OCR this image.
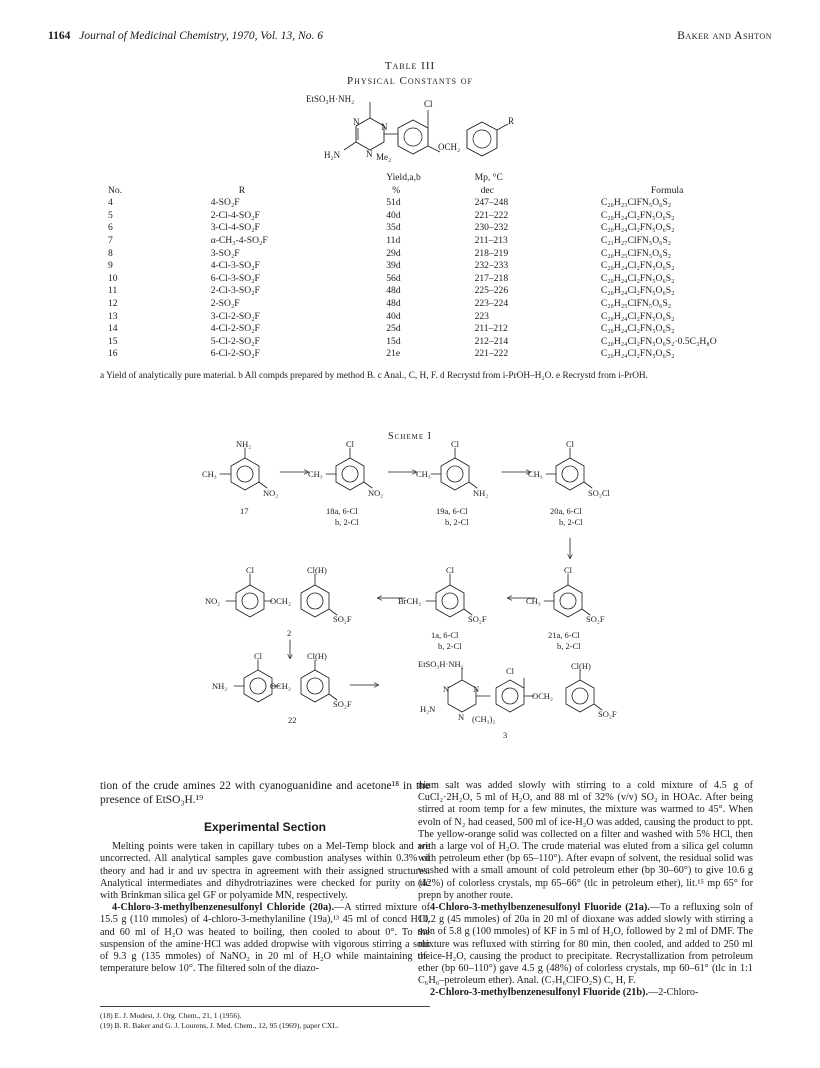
1164 Journal of Medicinal Chemistry, 1970, Vol. 13, No. 6	Baker and Ashton
Table III
Physical Constants of
EtSO₃H·NH₂
N N
N
H₂N	Me₂
Cl
OCH₂
R
		Yield,a,b	Mp, °C	
No.	R	%	dec	Formula
4	4-SO₂F	51d	247–248	C₂₀H₂₃ClFN₅O₆S₂
5	2-Cl-4-SO₂F	40d	221–222	C₂₀H₂₄Cl₂FN₅O₆S₂
6	3-Cl-4-SO₂F	35d	230–232	C₂₀H₂₄Cl₂FN₅O₆S₂
7	α-CH₃-4-SO₂F	11d	211–213	C₂₁H₂₇ClFN₅O₆S₂
8	3-SO₂F	29d	218–219	C₂₀H₂₅ClFN₅O₆S₂
9	4-Cl-3-SO₂F	39d	232–233	C₂₀H₂₄Cl₂FN₅O₆S₂
10	6-Cl-3-SO₂F	56d	217–218	C₂₀H₂₄Cl₂FN₅O₆S₂
11	2-Cl-3-SO₂F	48d	225–226	C₂₀H₂₄Cl₂FN₅O₆S₂
12	2-SO₂F	48d	223–224	C₂₀H₂₅ClFN₅O₆S₂
13	3-Cl-2-SO₂F	40d	223	C₂₀H₂₄Cl₂FN₅O₆S₂
14	4-Cl-2-SO₂F	25d	211–212	C₂₀H₂₄Cl₂FN₅O₆S₂
15	5-Cl-2-SO₂F	15d	212–214	C₂₀H₂₄Cl₂FN₅O₆S₂·0.5C₃H₈O
16	6-Cl-2-SO₂F	21e	221–222	C₂₀H₂₄Cl₂FN₅O₆S₂
a Yield of analytically pure material. b All compds prepared by method B. c Anal., C, H, F. d Recrystd from i-PrOH–H₂O. e Recrystd from i-PrOH.
Scheme I
NH₂
CH₃
NO₂
17
Cl
CH₃
NO₂
18a, 6-Cl
b, 2-Cl
Cl
CH₃
NH₂
19a, 6-Cl
b, 2-Cl
Cl
CH₃
SO₂Cl
20a, 6-Cl
b, 2-Cl
Cl	Cl(H)
NO₂	OCH₂
SO₂F
2
Cl
BrCH₂
SO₂F
1a, 6-Cl
b, 2-Cl
Cl
CH₃
SO₂F
21a, 6-Cl
b, 2-Cl
Cl	Cl(H)
NH₂	OCH₂
SO₂F
22
EtSO₃H·NH₂
N	N
N
H₂N
(CH₃)₂
Cl	Cl(H)
OCH₂
SO₂F
3

tion of the crude amines 22 with cyanoguanidine and acetone¹⁸ in the presence of EtSO₃H.¹⁹

Experimental Section

Melting points were taken in capillary tubes on a Mel-Temp block and are uncorrected. All analytical samples gave combustion analyses within 0.3% of theory and had ir and uv spectra in agreement with their assigned structures. Analytical intermediates and dihydrotriazines were checked for purity on tlc with Brinkman silica gel GF or polyamide MN, respectively.

4-Chloro-3-methylbenzenesulfonyl Chloride (20a).—A stirred mixture of 15.5 g (110 mmoles) of 4-chloro-3-methylaniline (19a),¹³ 45 ml of concd HCl, and 60 ml of H₂O was heated to boiling, then cooled to about 0°. To the suspension of the amine·HCl was added dropwise with vigorous stirring a soln of 9.3 g (135 mmoles) of NaNO₂ in 20 ml of H₂O while maintaining the temperature below 10°. The filtered soln of the diazo-

(18) E. J. Modest, J. Org. Chem., 21, 1 (1956).
(19) B. R. Baker and G. J. Lourens, J. Med. Chem., 12, 95 (1969), paper CXL.

nium salt was added slowly with stirring to a cold mixture of 4.5 g of CuCl₂·2H₂O, 5 ml of H₂O, and 88 ml of 32% (v/v) SO₂ in HOAc. After being stirred at room temp for a few minutes, the mixture was warmed to 45°. When evoln of N₂ had ceased, 500 ml of ice-H₂O was added, causing the product to ppt. The yellow-orange solid was collected on a filter and washed with 5% HCl, then with a large vol of H₂O. The crude material was eluted from a silica gel column with petroleum ether (bp 65–110°). After evapn of solvent, the residual solid was washed with a small amount of cold petroleum ether (bp 30–60°) to give 10.6 g (42%) of colorless crystals, mp 65–66° (tlc in petroleum ether), lit.¹⁵ mp 65° for prepn by another route.

4-Chloro-3-methylbenzenesulfonyl Fluoride (21a).—To a refluxing soln of 10.2 g (45 mmoles) of 20a in 20 ml of dioxane was added slowly with stirring a soln of 5.8 g (100 mmoles) of KF in 5 ml of H₂O, followed by 2 ml of DMF. The mixture was refluxed with stirring for 80 min, then cooled, and added to 250 ml of ice-H₂O, causing the product to precipitate. Recrystallization from petroleum ether (bp 60–110°) gave 4.5 g (48%) of colorless crystals, mp 60–61° (tlc in 1:1 C₆H₆–petroleum ether). Anal. (C₇H₆ClFO₂S) C, H, F.

2-Chloro-3-methylbenzenesulfonyl Fluoride (21b).—2-Chloro-
